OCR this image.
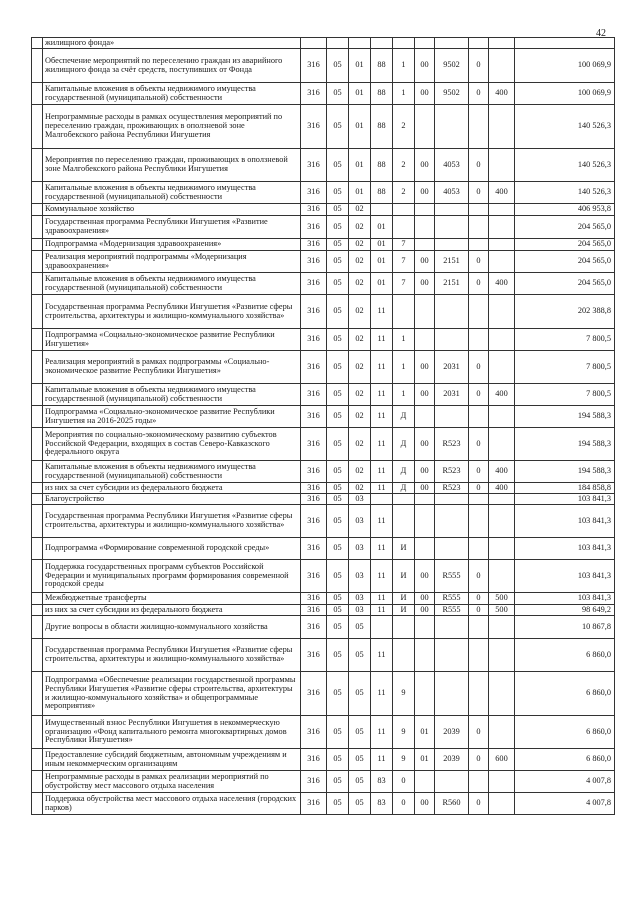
42
	жилищного фонда»										
	Обеспечение мероприятий по переселению граждан из аварийного жилищного фонда за счёт средств, поступивших от Фонда	316	05	01	88	1	00	9502	0		100 069,9
	Капитальные вложения в объекты недвижимого имущества государственной (муниципальной) собственности	316	05	01	88	1	00	9502	0	400	100 069,9
	Непрограммные расходы в рамках осуществления мероприятий по переселению граждан, проживающих в оползневой зоне Малгобекского района Республики Ингушетия	316	05	01	88	2					140 526,3
	Мероприятия по переселению граждан, проживающих в оползневой зоне Малгобекского района Республики Ингушетия	316	05	01	88	2	00	4053	0		140 526,3
	Капитальные вложения в объекты недвижимого имущества государственной (муниципальной) собственности	316	05	01	88	2	00	4053	0	400	140 526,3
	Коммунальное хозяйство	316	05	02							406 953,8
	Государственная программа Республики Ингушетия «Развитие здравоохранения»	316	05	02	01						204 565,0
	Подпрограмма «Модернизация здравоохранения»	316	05	02	01	7					204 565,0
	Реализация мероприятий подпрограммы «Модернизация здравоохранения»	316	05	02	01	7	00	2151	0		204 565,0
	Капитальные вложения в объекты недвижимого имущества государственной (муниципальной) собственности	316	05	02	01	7	00	2151	0	400	204 565,0
	Государственная программа Республики Ингушетия «Развитие сферы строительства, архитектуры и жилищно-коммунального хозяйства»	316	05	02	11						202 388,8
	Подпрограмма «Социально-экономическое развитие Республики Ингушетия»	316	05	02	11	1					7 800,5
	Реализация мероприятий в рамках подпрограммы «Социально-экономическое развитие Республики Ингушетия»	316	05	02	11	1	00	2031	0		7 800,5
	Капитальные вложения в объекты недвижимого имущества государственной (муниципальной) собственности	316	05	02	11	1	00	2031	0	400	7 800,5
	Подпрограмма «Социально-экономическое развитие Республики Ингушетия на 2016-2025 годы»	316	05	02	11	Д					194 588,3
	Мероприятия по социально-экономическому развитию субъектов Российской Федерации, входящих в состав Северо-Кавказского федерального округа	316	05	02	11	Д	00	R523	0		194 588,3
	Капитальные вложения в объекты недвижимого имущества государственной (муниципальной) собственности	316	05	02	11	Д	00	R523	0	400	194 588,3
	из них за счет субсидии из федерального бюджета	316	05	02	11	Д	00	R523	0	400	184 858,8
	Благоустройство	316	05	03							103 841,3
	Государственная программа Республики Ингушетия «Развитие сферы строительства, архитектуры и жилищно-коммунального хозяйства»	316	05	03	11						103 841,3
	Подпрограмма «Формирование современной городской среды»	316	05	03	11	И					103 841,3
	Поддержка государственных программ субъектов Российской Федерации и муниципальных программ формирования современной городской среды	316	05	03	11	И	00	R555	0		103 841,3
	Межбюджетные трансферты	316	05	03	11	И	00	R555	0	500	103 841,3
	из них за счет субсидии из федерального бюджета	316	05	03	11	И	00	R555	0	500	98 649,2
	Другие вопросы в области жилищно-коммунального хозяйства	316	05	05							10 867,8
	Государственная программа Республики Ингушетия «Развитие сферы строительства, архитектуры и жилищно-коммунального хозяйства»	316	05	05	11						6 860,0
	Подпрограмма «Обеспечение реализации государственной программы Республики Ингушетия «Развитие сферы строительства, архитектуры и жилищно-коммунального хозяйства» и общепрограммные мероприятия»	316	05	05	11	9					6 860,0
	Имущественный взнос Республики Ингушетия в некоммерческую организацию «Фонд капитального ремонта многоквартирных домов Республики Ингушетия»	316	05	05	11	9	01	2039	0		6 860,0
	Предоставление субсидий бюджетным, автономным учреждениям и иным некоммерческим организациям	316	05	05	11	9	01	2039	0	600	6 860,0
	Непрограммные расходы в рамках реализации мероприятий по обустройству мест массового отдыха населения	316	05	05	83	0					4 007,8
	Поддержка обустройства мест массового отдыха населения (городских парков)	316	05	05	83	0	00	R560	0		4 007,8
